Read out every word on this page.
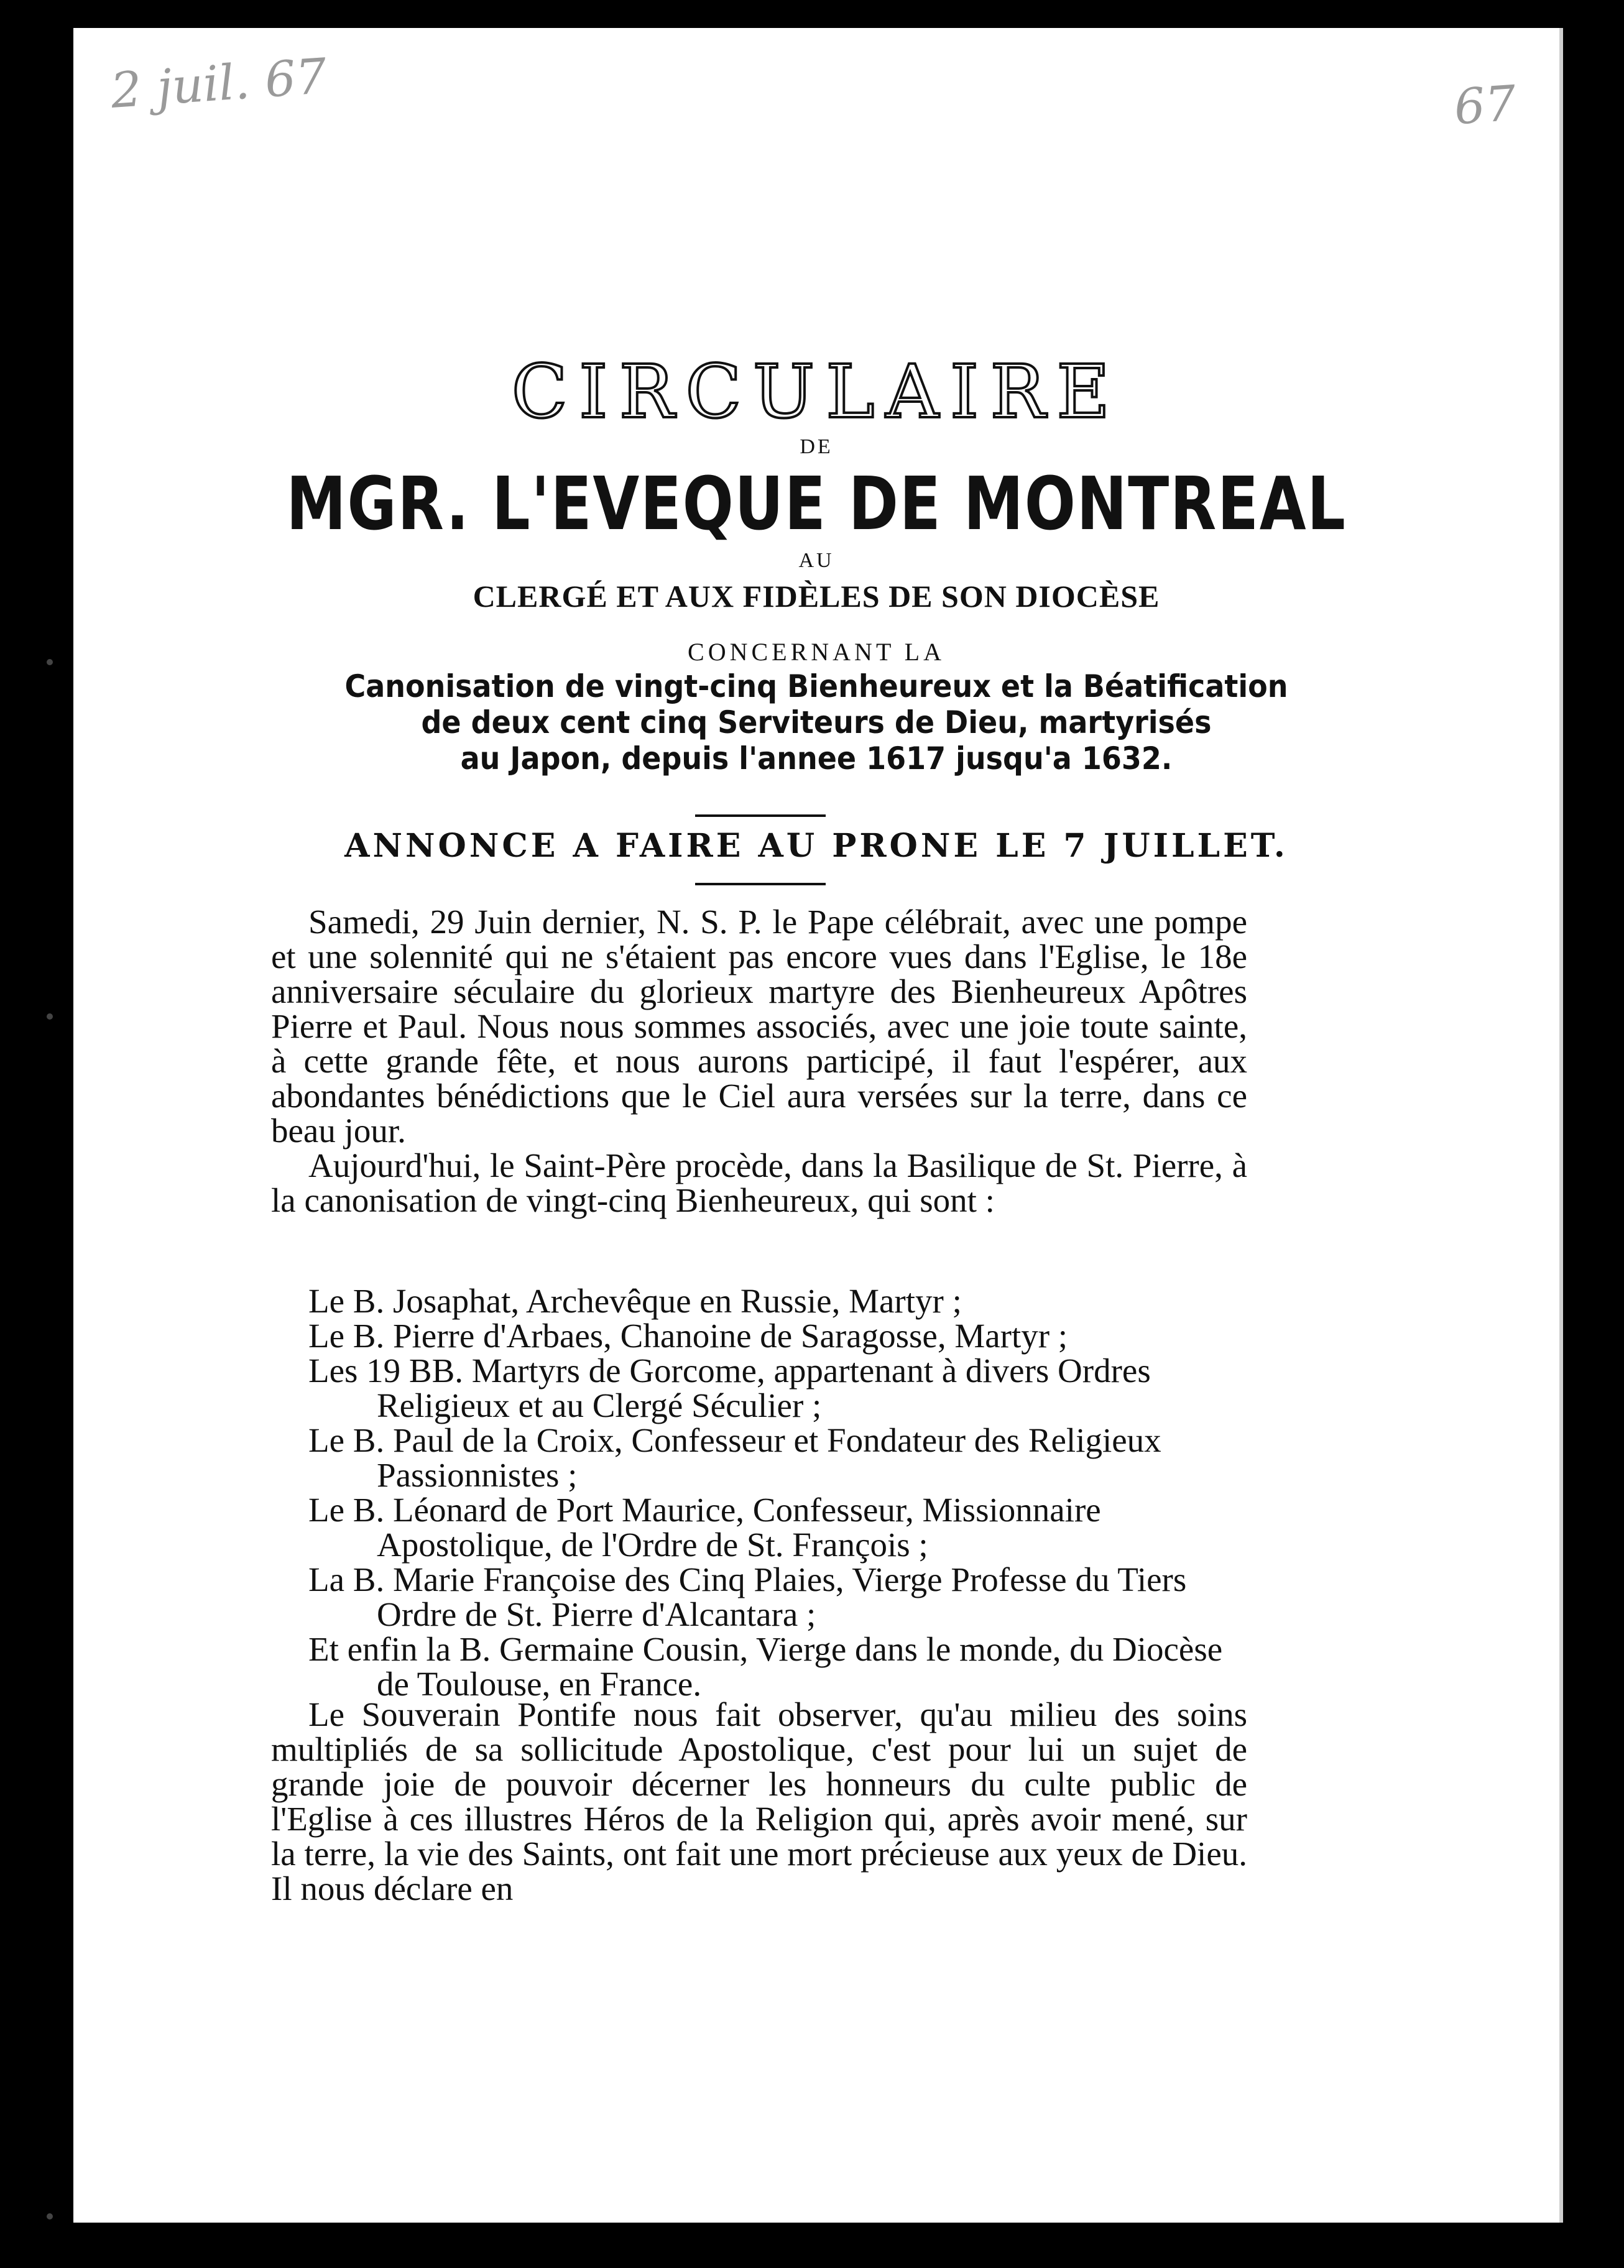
2 juil. 67	67
CIRCULAIRE
DE
MGR. L'EVEQUE DE MONTREAL
AU
CLERGÉ ET AUX FIDÈLES DE SON DIOCÈSE
CONCERNANT LA
Canonisation de vingt-cinq Bienheureux et la Béatification
de deux cent cinq Serviteurs de Dieu, martyrisés
au Japon, depuis l'annee 1617 jusqu'a 1632.
ANNONCE A FAIRE AU PRONE LE 7 JUILLET.

Samedi, 29 Juin dernier, N. S. P. le Pape célébrait, avec une pompe et une solennité qui ne s'étaient pas encore vues dans l'Eglise, le 18e anniversaire séculaire du glorieux martyre des Bienheureux Apôtres Pierre et Paul. Nous nous sommes associés, avec une joie toute sainte, à cette grande fête, et nous aurons participé, il faut l'espérer, aux abondantes bénédictions que le Ciel aura versées sur la terre, dans ce beau jour.

Aujourd'hui, le Saint-Père procède, dans la Basilique de St. Pierre, à la canonisation de vingt-cinq Bienheureux, qui sont :

Le B. Josaphat, Archevêque en Russie, Martyr ;
Le B. Pierre d'Arbaes, Chanoine de Saragosse, Martyr ;
Les 19 BB. Martyrs de Gorcome, appartenant à divers Ordres Religieux et au Clergé Séculier ;
Le B. Paul de la Croix, Confesseur et Fondateur des Religieux Passionnistes ;
Le B. Léonard de Port Maurice, Confesseur, Missionnaire Apostolique, de l'Ordre de St. François ;
La B. Marie Françoise des Cinq Plaies, Vierge Professe du Tiers Ordre de St. Pierre d'Alcantara ;
Et enfin la B. Germaine Cousin, Vierge dans le monde, du Diocèse de Toulouse, en France.
Le Souverain Pontife nous fait observer, qu'au milieu des soins multipliés de sa sollicitude Apostolique, c'est pour lui un sujet de grande joie de pouvoir décerner les honneurs du culte public de l'Eglise à ces illustres Héros de la Religion qui, après avoir mené, sur la terre, la vie des Saints, ont fait une mort précieuse aux yeux de Dieu. Il nous déclare en
